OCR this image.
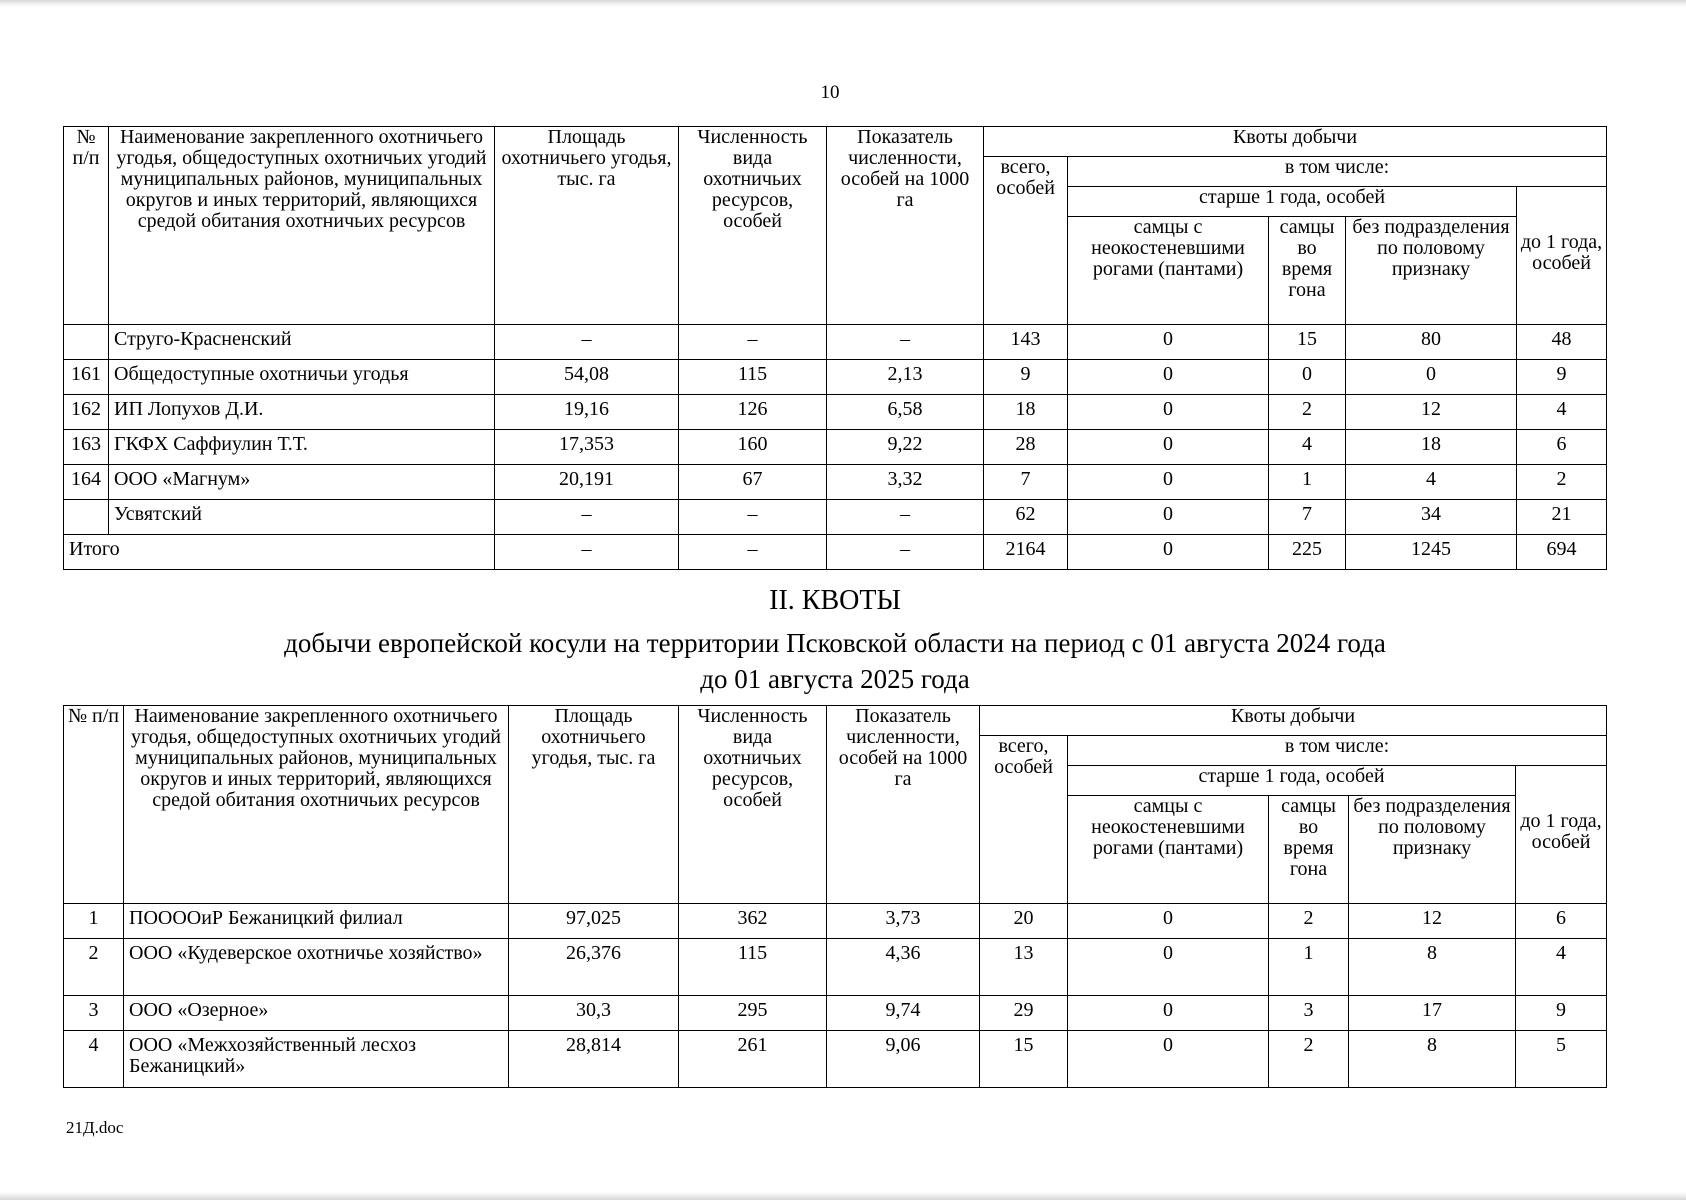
10
№ п/п	Наименование закрепленного охотничьего угодья, общедоступных охотничьих угодий муниципальных районов, муниципальных округов и иных территорий, являющихся средой обитания охотничьих ресурсов	Площадь охотничьего угодья, тыс. га	Численность вида охотничьих ресурсов, особей	Показатель численности, особей на 1000 га	Квоты добычи				
					всего, особей	в том числе:			
						старше 1 года, особей			до 1 года, особей
						самцы с неокостеневшими рогами (пантами)	самцы во время гона	без подразделения по половому признаку	
	Струго-Красненский	–	–	–	143	0	15	80	48
161	Общедоступные охотничьи угодья	54,08	115	2,13	9	0	0	0	9
162	ИП Лопухов Д.И.	19,16	126	6,58	18	0	2	12	4
163	ГКФХ Саффиулин Т.Т.	17,353	160	9,22	28	0	4	18	6
164	ООО «Магнум»	20,191	67	3,32	7	0	1	4	2
	Усвятский	–	–	–	62	0	7	34	21
Итого		–	–	–	2164	0	225	1245	694
II. КВОТЫ
добычи европейской косули на территории Псковской области на период с 01 августа 2024 года
до 01 августа 2025 года
№ п/п	Наименование закрепленного охотничьего угодья, общедоступных охотничьих угодий муниципальных районов, муниципальных округов и иных территорий, являющихся средой обитания охотничьих ресурсов	Площадь охотничьего угодья, тыс. га	Численность вида охотничьих ресурсов, особей	Показатель численности, особей на 1000 га	Квоты добычи				
					всего, особей	в том числе:			
						старше 1 года, особей			до 1 года, особей
						самцы с неокостеневшими рогами (пантами)	самцы во время гона	без подразделения по половому признаку	
1	ПООООиР Бежаницкий филиал	97,025	362	3,73	20	0	2	12	6
2	ООО «Кудеверское охотничье хозяйство»	26,376	115	4,36	13	0	1	8	4
3	ООО «Озерное»	30,3	295	9,74	29	0	3	17	9
4	ООО «Межхозяйственный лесхоз Бежаницкий»	28,814	261	9,06	15	0	2	8	5
21Д.doc
